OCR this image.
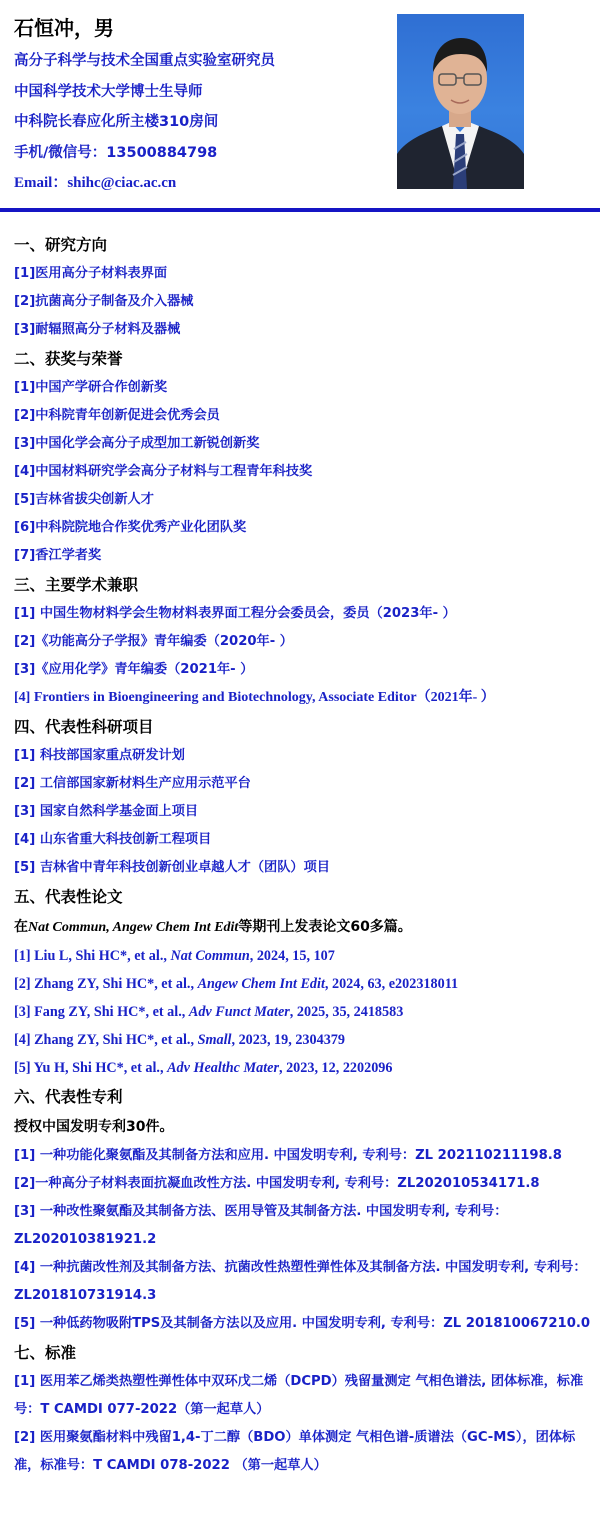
石恒冲，男
高分子科学与技术全国重点实验室研究员
中国科学技术大学博士生导师
中科院长春应化所主楼310房间
手机/微信号：13500884798
Email：shihc@ciac.ac.cn
一、研究方向
[1]医用高分子材料表界面
[2]抗菌高分子制备及介入器械
[3]耐辐照高分子材料及器械
二、获奖与荣誉
[1]中国产学研合作创新奖
[2]中科院青年创新促进会优秀会员
[3]中国化学会高分子成型加工新锐创新奖
[4]中国材料研究学会高分子材料与工程青年科技奖
[5]吉林省拔尖创新人才
[6]中科院院地合作奖优秀产业化团队奖
[7]香江学者奖
三、主要学术兼职
[1] 中国生物材料学会生物材料表界面工程分会委员会，委员（2023年- ）
[2]《功能高分子学报》青年编委（2020年- ）
[3]《应用化学》青年编委（2021年- ）
[4] Frontiers in Bioengineering and Biotechnology, Associate Editor（2021年- ）
四、代表性科研项目
[1] 科技部国家重点研发计划
[2] 工信部国家新材料生产应用示范平台
[3] 国家自然科学基金面上项目
[4] 山东省重大科技创新工程项目
[5] 吉林省中青年科技创新创业卓越人才（团队）项目
五、代表性论文
在Nat Commun, Angew Chem Int Edit等期刊上发表论文60多篇。
[1] Liu L, Shi HC*, et al., Nat Commun, 2024, 15, 107
[2] Zhang ZY, Shi HC*, et al., Angew Chem Int Edit, 2024, 63, e202318011
[3] Fang ZY, Shi HC*, et al., Adv Funct Mater, 2025, 35, 2418583
[4] Zhang ZY, Shi HC*, et al., Small, 2023, 19, 2304379
[5] Yu H, Shi HC*, et al., Adv Healthc Mater, 2023, 12, 2202096
六、代表性专利
授权中国发明专利30件。
[1] 一种功能化聚氨酯及其制备方法和应用. 中国发明专利, 专利号：ZL 202110211198.8
[2]一种高分子材料表面抗凝血改性方法. 中国发明专利, 专利号：ZL202010534171.8
[3] 一种改性聚氨酯及其制备方法、医用导管及其制备方法. 中国发明专利, 专利号：ZL202010381921.2
[4] 一种抗菌改性剂及其制备方法、抗菌改性热塑性弹性体及其制备方法. 中国发明专利, 专利号：ZL201810731914.3
[5] 一种低药物吸附TPS及其制备方法以及应用. 中国发明专利, 专利号：ZL 201810067210.0
七、标准
[1] 医用苯乙烯类热塑性弹性体中双环戊二烯（DCPD）残留量测定 气相色谱法, 团体标准，标准号：T CAMDI 077-2022（第一起草人）
[2] 医用聚氨酯材料中残留1,4-丁二醇（BDO）单体测定 气相色谱-质谱法（GC-MS），团体标准，标准号：T CAMDI 078-2022 （第一起草人）
